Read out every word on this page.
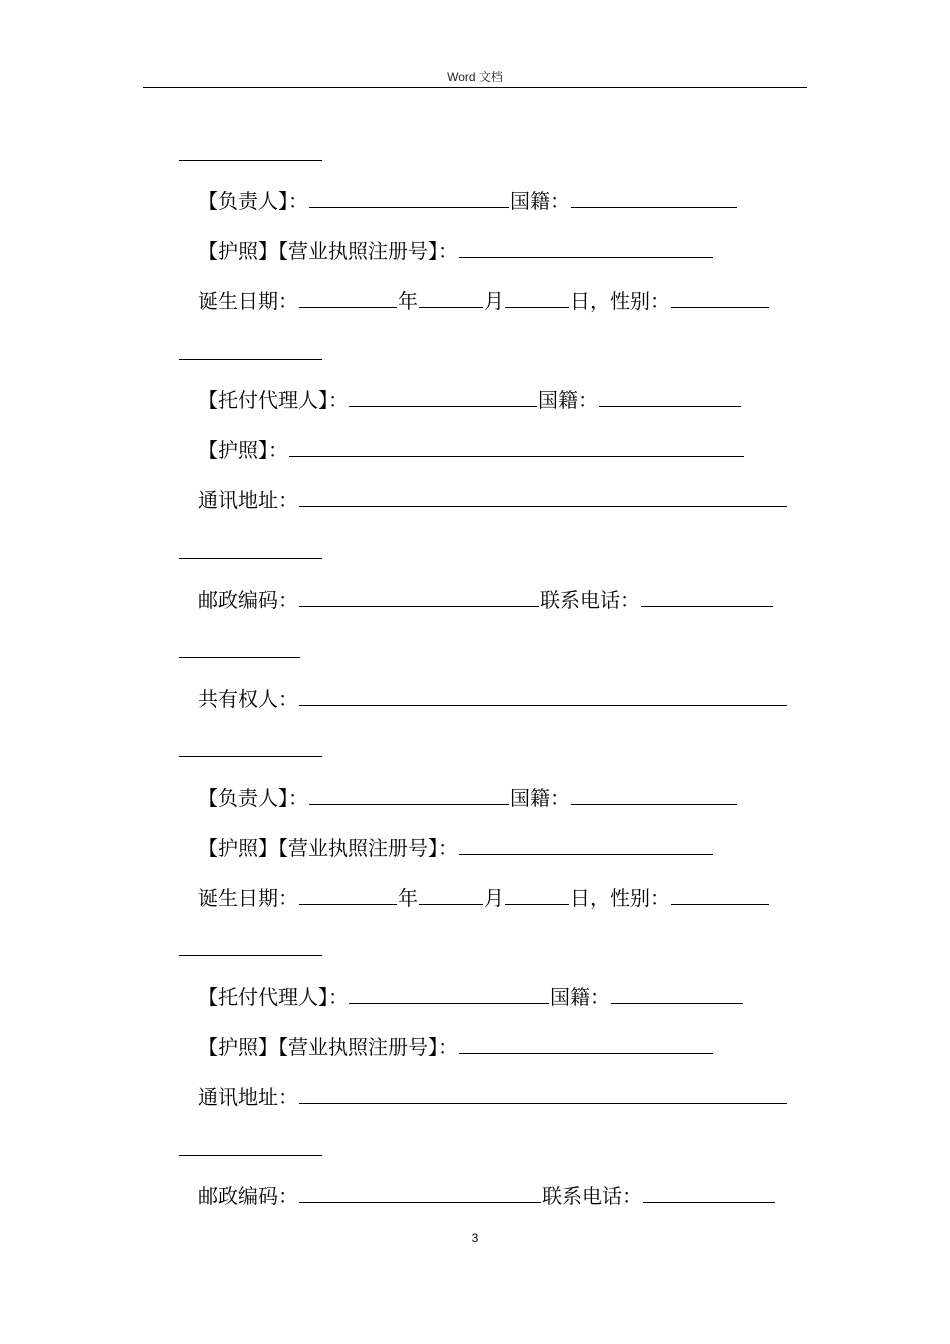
Word 文档
【负责人】：	国籍：
【护照】【营业执照注册号】：
诞生日期：	年	月	日，性别：
【托付代理人】：	国籍：
【护照】：
通讯地址：
邮政编码：	联系电话：
共有权人：
【负责人】：	国籍：
【护照】【营业执照注册号】：
诞生日期：	年	月	日，性别：
【托付代理人】：	国籍：
【护照】【营业执照注册号】：
通讯地址：
邮政编码：	联系电话：
3
